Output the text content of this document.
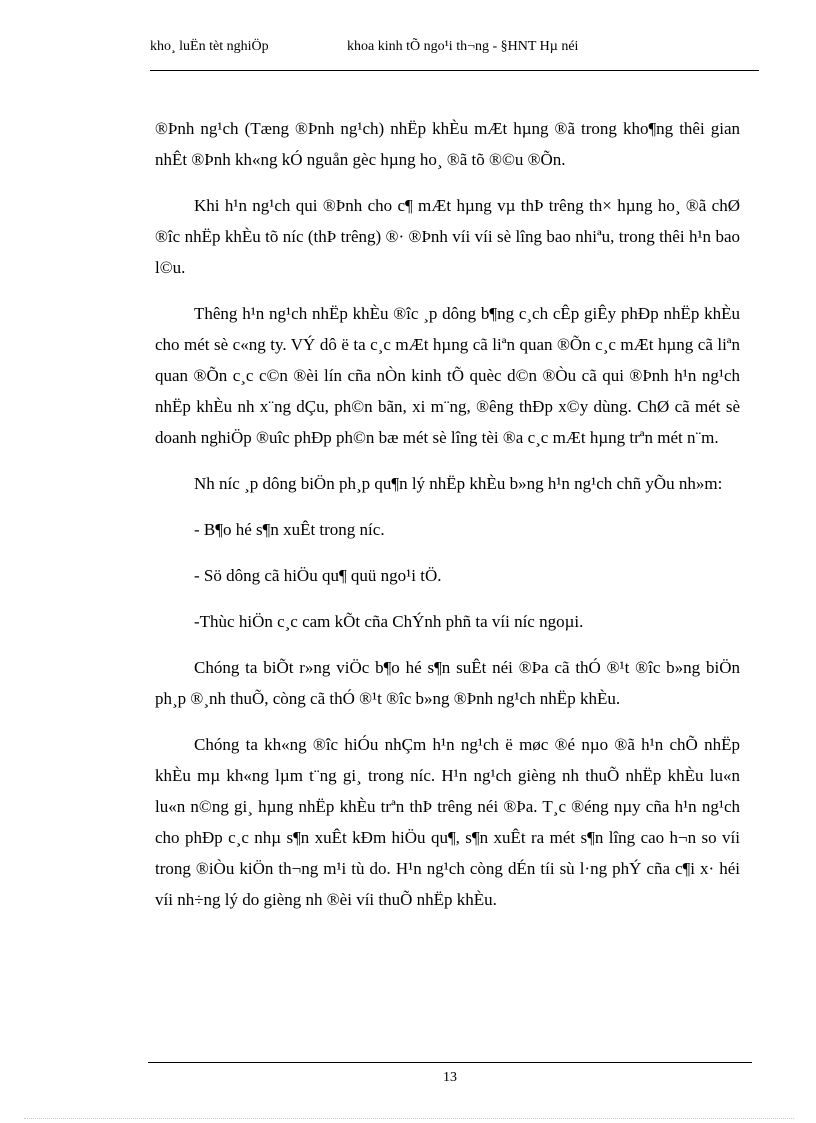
kho¸ luËn tèt nghiÖp	khoa kinh tÕ ngo¹i th¬ng - §HNT Hµ néi

®Þnh ng¹ch (Tæng ®Þnh ng¹ch) nhËp khÈu mÆt hµng ®ã trong kho¶ng thêi gian nhÊt ®Þnh kh«ng kÓ nguån gèc hµng ho¸ ®ã tõ ®©u ®Õn.

Khi h¹n ng¹ch qui ®Þnh cho c¶ mÆt hµng vµ thÞ trêng th× hµng ho¸ ®ã chØ ®îc nhËp khÈu tõ níc (thÞ trêng) ®· ®Þnh víi víi sè lîng bao nhiªu, trong thêi h¹n bao l©u.

Thêng h¹n ng¹ch nhËp khÈu ®îc ¸p dông b¶ng c¸ch cÊp giÊy phÐp nhËp khÈu cho mét sè c«ng ty. VÝ dô ë ta c¸c mÆt hµng cã liªn quan ®Õn c¸c mÆt hµng cã liªn quan ®Õn c¸c c©n ®èi lín cña nÒn kinh tÕ quèc d©n ®Òu cã qui ®Þnh h¹n ng¹ch nhËp khÈu nh x¨ng dÇu, ph©n bãn, xi m¨ng, ®êng thÐp x©y dùng. ChØ cã mét sè doanh nghiÖp ®uîc phÐp ph©n bæ mét sè lîng tèi ®a c¸c mÆt hµng trªn mét n¨m.

Nh níc ¸p dông biÖn ph¸p qu¶n lý nhËp khÈu b»ng h¹n ng¹ch chñ yÕu nh»m:

- B¶o hé s¶n xuÊt trong níc.

- Sö dông cã hiÖu qu¶ quü ngo¹i tÖ.

-Thùc hiÖn c¸c cam kÕt cña ChÝnh phñ ta víi níc ngoµi.

Chóng ta biÕt r»ng viÖc b¶o hé s¶n suÊt néi ®Þa cã thÓ ®¹t ®îc b»ng biÖn ph¸p ®¸nh thuÕ, còng cã thÓ ®¹t ®îc b»ng ®Þnh ng¹ch nhËp khÈu.

Chóng ta kh«ng ®îc hiÓu nhÇm h¹n ng¹ch ë møc ®é nµo ®ã h¹n chÕ nhËp khÈu mµ kh«ng lµm t¨ng gi¸ trong níc. H¹n ng¹ch gièng nh thuÕ nhËp khÈu lu«n lu«n n©ng gi¸ hµng nhËp khÈu trªn thÞ trêng néi ®Þa. T¸c ®éng nµy cña h¹n ng¹ch cho phÐp c¸c nhµ s¶n xuÊt kÐm hiÖu qu¶, s¶n xuÊt ra mét s¶n lîng cao h¬n so víi trong ®iÒu kiÖn th¬ng m¹i tù do. H¹n ng¹ch còng dÉn tíi sù l·ng phÝ cña c¶i x· héi víi nh÷ng lý do gièng nh ®èi víi thuÕ nhËp khÈu.

13
